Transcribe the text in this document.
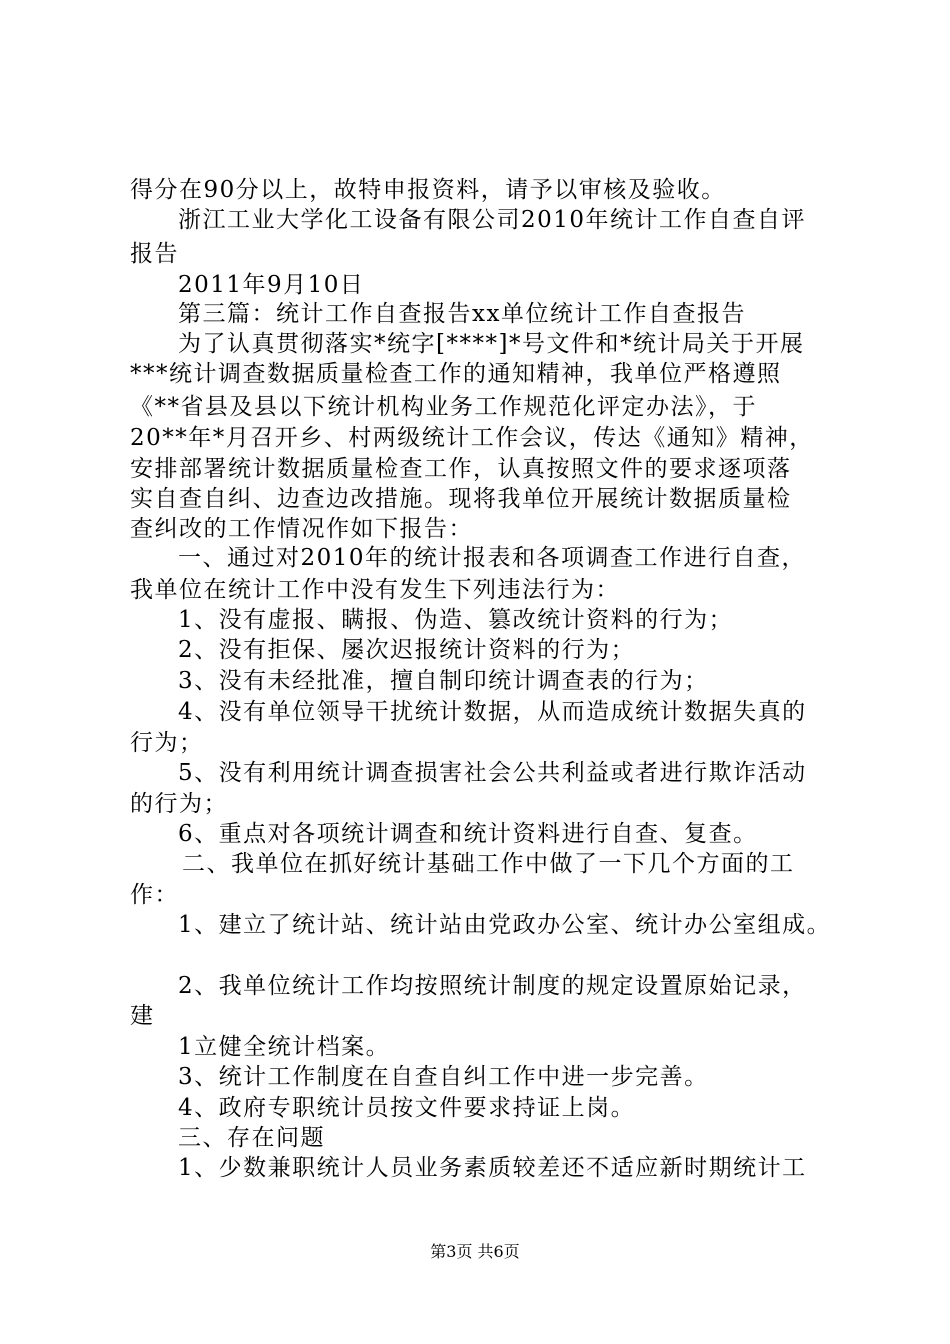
得分在90分以上，故特申报资料，请予以审核及验收。
浙江工业大学化工设备有限公司2010年统计工作自查自评
报告
2011年9月10日
第三篇：统计工作自查报告xx单位统计工作自查报告
为了认真贯彻落实*统字[****]*号文件和*统计局关于开展
***统计调查数据质量检查工作的通知精神，我单位严格遵照
《**省县及县以下统计机构业务工作规范化评定办法》，于
20**年*月召开乡、村两级统计工作会议，传达《通知》精神，
安排部署统计数据质量检查工作，认真按照文件的要求逐项落
实自查自纠、边查边改措施。现将我单位开展统计数据质量检
查纠改的工作情况作如下报告：
一、通过对2010年的统计报表和各项调查工作进行自查，
我单位在统计工作中没有发生下列违法行为：
1、没有虚报、瞒报、伪造、篡改统计资料的行为；
2、没有拒保、屡次迟报统计资料的行为；
3、没有未经批准，擅自制印统计调查表的行为；
4、没有单位领导干扰统计数据，从而造成统计数据失真的
行为；
5、没有利用统计调查损害社会公共利益或者进行欺诈活动
的行为；
6、重点对各项统计调查和统计资料进行自查、复查。
二、我单位在抓好统计基础工作中做了一下几个方面的工
作：
1、建立了统计站、统计站由党政办公室、统计办公室组成。
2、我单位统计工作均按照统计制度的规定设置原始记录，
建
1立健全统计档案。
3、统计工作制度在自查自纠工作中进一步完善。
4、政府专职统计员按文件要求持证上岗。
三、存在问题
1、少数兼职统计人员业务素质较差还不适应新时期统计工
第3页 共6页
